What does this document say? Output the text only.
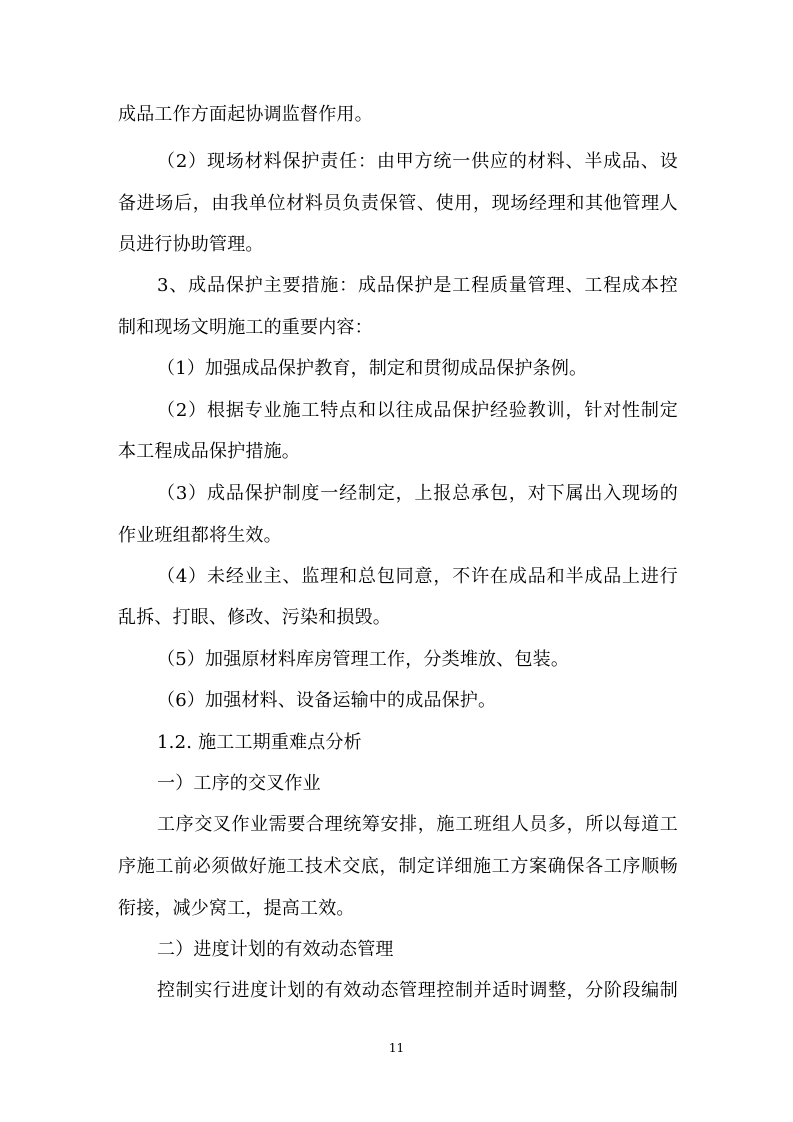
成品工作方面起协调监督作用。
（2）现场材料保护责任：由甲方统一供应的材料、半成品、设
备进场后，由我单位材料员负责保管、使用，现场经理和其他管理人
员进行协助管理。
3、成品保护主要措施：成品保护是工程质量管理、工程成本控
制和现场文明施工的重要内容：
（1）加强成品保护教育，制定和贯彻成品保护条例。
（2）根据专业施工特点和以往成品保护经验教训，针对性制定
本工程成品保护措施。
（3）成品保护制度一经制定，上报总承包，对下属出入现场的
作业班组都将生效。
（4）未经业主、监理和总包同意，不许在成品和半成品上进行
乱拆、打眼、修改、污染和损毁。
（5）加强原材料库房管理工作，分类堆放、包装。
（6）加强材料、设备运输中的成品保护。
1.2. 施工工期重难点分析
一）工序的交叉作业
工序交叉作业需要合理统筹安排，施工班组人员多，所以每道工
序施工前必须做好施工技术交底，制定详细施工方案确保各工序顺畅
衔接，减少窝工，提高工效。
二）进度计划的有效动态管理
控制实行进度计划的有效动态管理控制并适时调整，分阶段编制
11
